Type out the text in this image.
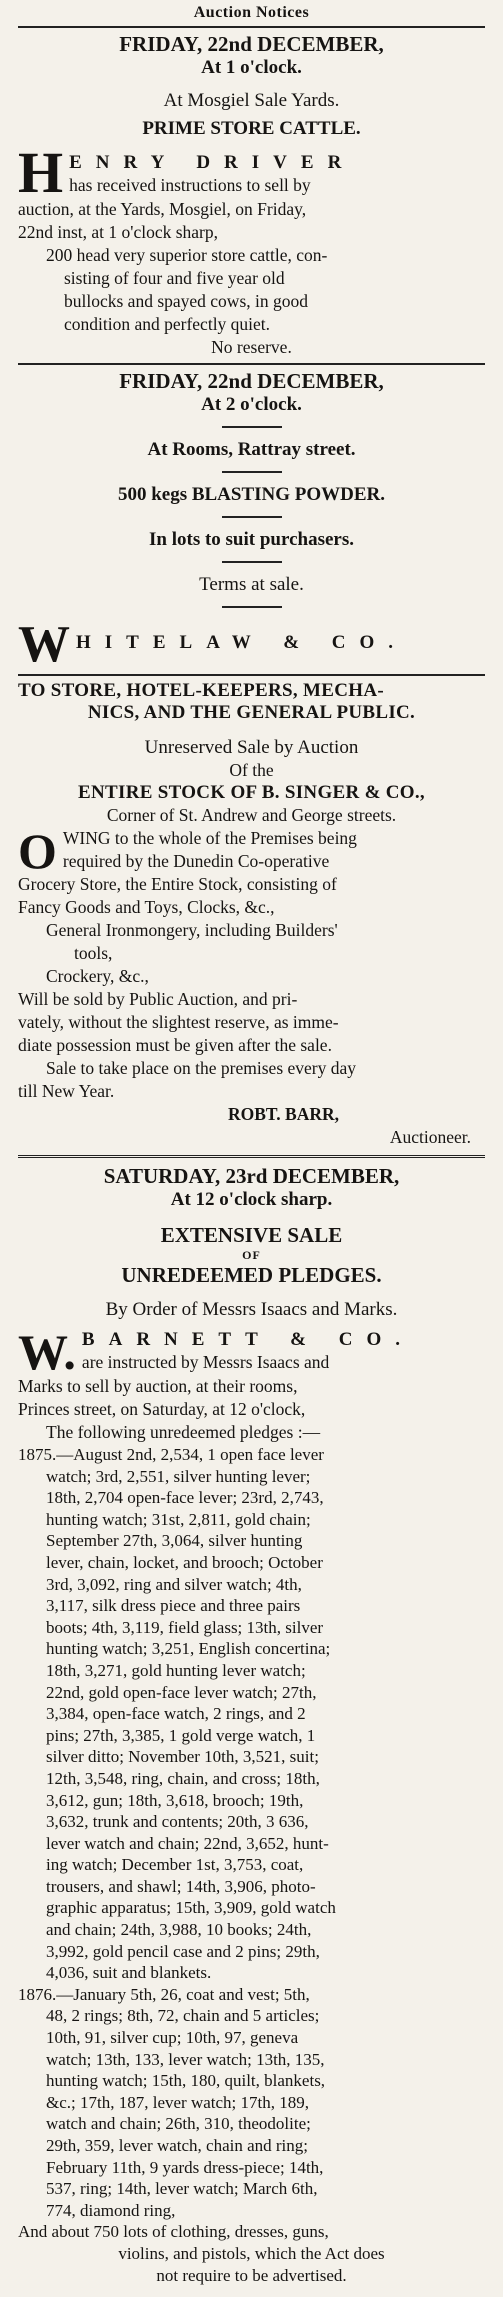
Auction Notices
FRIDAY, 22nd DECEMBER,
At 1 o'clock.
At Mosgiel Sale Yards.
PRIME STORE CATTLE.
H ENRY DRIVER
has received instructions to sell by
auction, at the Yards, Mosgiel, on Friday,
22nd inst, at 1 o'clock sharp,
200 head very superior store cattle, con-
sisting of four and five year old
bullocks and spayed cows, in good
condition and perfectly quiet.
No reserve.
FRIDAY, 22nd DECEMBER,
At 2 o'clock.
At Rooms, Rattray street.
500 kegs BLASTING POWDER.
In lots to suit purchasers.
Terms at sale.
W HITELAW & CO.
TO STORE, HOTEL-KEEPERS, MECHA-
NICS, AND THE GENERAL PUBLIC.
Unreserved Sale by Auction
Of the
ENTIRE STOCK OF B. SINGER & CO.,
Corner of St. Andrew and George streets.
O WING to the whole of the Premises being
required by the Dunedin Co-operative
Grocery Store, the Entire Stock, consisting of
Fancy Goods and Toys, Clocks, &c.,
General Ironmongery, including Builders'
tools,
Crockery, &c.,
Will be sold by Public Auction, and pri-
vately, without the slightest reserve, as imme-
diate possession must be given after the sale.
Sale to take place on the premises every day
till New Year.
ROBT. BARR,
Auctioneer.
SATURDAY, 23rd DECEMBER,
At 12 o'clock sharp.
EXTENSIVE SALE
OF
UNREDEEMED PLEDGES.
By Order of Messrs Isaacs and Marks.
W. BARNETT & CO.
are instructed by Messrs Isaacs and
Marks to sell by auction, at their rooms,
Princes street, on Saturday, at 12 o'clock,
The following unredeemed pledges :—

1875.—August 2nd, 2,534, 1 open face lever

watch; 3rd, 2,551, silver hunting lever;

18th, 2,704 open-face lever; 23rd, 2,743,

hunting watch; 31st, 2,811, gold chain;

September 27th, 3,064, silver hunting

lever, chain, locket, and brooch; October

3rd, 3,092, ring and silver watch; 4th,

3,117, silk dress piece and three pairs

boots; 4th, 3,119, field glass; 13th, silver

hunting watch; 3,251, English concertina;

18th, 3,271, gold hunting lever watch;

22nd, gold open-face lever watch; 27th,

3,384, open-face watch, 2 rings, and 2

pins; 27th, 3,385, 1 gold verge watch, 1

silver ditto; November 10th, 3,521, suit;

12th, 3,548, ring, chain, and cross; 18th,

3,612, gun; 18th, 3,618, brooch; 19th,

3,632, trunk and contents; 20th, 3 636,

lever watch and chain; 22nd, 3,652, hunt-

ing watch; December 1st, 3,753, coat,

trousers, and shawl; 14th, 3,906, photo-

graphic apparatus; 15th, 3,909, gold watch

and chain; 24th, 3,988, 10 books; 24th,

3,992, gold pencil case and 2 pins; 29th,

4,036, suit and blankets.

1876.—January 5th, 26, coat and vest; 5th,

48, 2 rings; 8th, 72, chain and 5 articles;

10th, 91, silver cup; 10th, 97, geneva

watch; 13th, 133, lever watch; 13th, 135,

hunting watch; 15th, 180, quilt, blankets,

&c.; 17th, 187, lever watch; 17th, 189,

watch and chain; 26th, 310, theodolite;

29th, 359, lever watch, chain and ring;

February 11th, 9 yards dress-piece; 14th,

537, ring; 14th, lever watch; March 6th,

774, diamond ring,

And about 750 lots of clothing, dresses, guns,

violins, and pistols, which the Act does

not require to be advertised.
